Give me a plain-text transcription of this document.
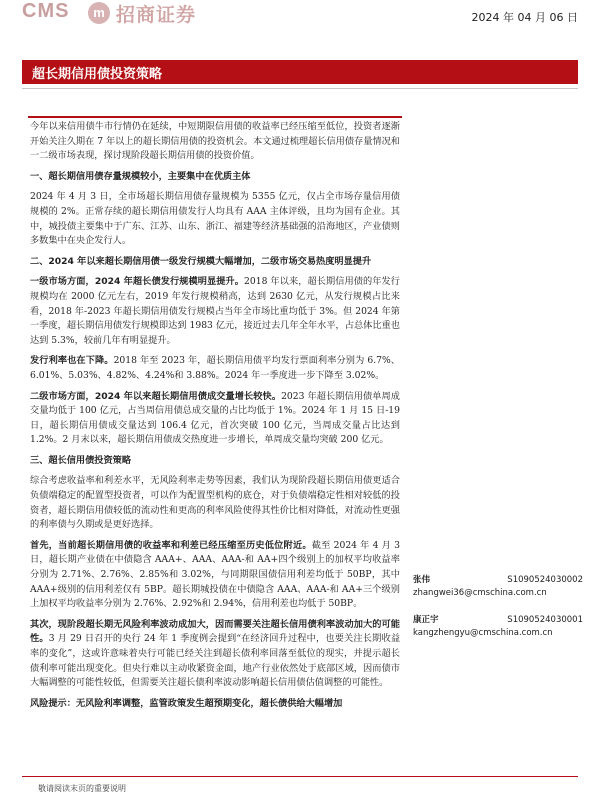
CMS	m 招商证券	2024 年 04 月 06 日
超长期信用债投资策略

今年以来信用债牛市行情仍在延续，中短期限信用债的收益率已经压缩至低位，投资者逐渐开始关注久期在 7 年以上的超长期信用债的投资机会。本文通过梳理超长信用债存量情况和一二级市场表现，探讨现阶段超长期信用债的投资价值。

一、超长期信用债存量规模较小，主要集中在优质主体

2024 年 4 月 3 日，全市场超长期信用债存量规模为 5355 亿元，仅占全市场存量信用债规模的 2%。正常存续的超长期信用债发行人均具有 AAA 主体评级，且均为国有企业。其中，城投债主要集中于广东、江苏、山东、浙江、福建等经济基础强的沿海地区，产业债则多数集中在央企发行人。

二、2024 年以来超长期信用债一级发行规模大幅增加，二级市场交易热度明显提升

一级市场方面，2024 年超长债发行规模明显提升。2018 年以来，超长期信用债的年发行规模均在 2000 亿元左右，2019 年发行规模稍高，达到 2630 亿元，从发行规模占比来看，2018 年-2023 年超长期信用债发行规模占当年全市场比重均低于 3%。但 2024 年第一季度，超长期信用债发行规模即达到 1983 亿元，接近过去几年全年水平，占总体比重也达到 5.3%，较前几年有明显提升。

发行利率也在下降。2018 年至 2023 年，超长期信用债平均发行票面利率分别为 6.7%、6.01%、5.03%、4.82%、4.24%和 3.88%。2024 年一季度进一步下降至 3.02%。

二级市场方面，2024 年以来超长期信用债成交量增长较快。2023 年超长期信用债单周成交量均低于 100 亿元，占当周信用债总成交量的占比均低于 1%。2024 年 1 月 15 日-19 日，超长期信用债成交量达到 106.4 亿元，首次突破 100 亿元，当周成交量占比达到 1.2%。2 月末以来，超长期信用债成交热度进一步增长，单周成交量均突破 200 亿元。

三、超长信用债投资策略

综合考虑收益率和利差水平，无风险利率走势等因素，我们认为现阶段超长期信用债更适合负债端稳定的配置型投资者，可以作为配置型机构的底仓，对于负债端稳定性相对较低的投资者，超长期信用债较低的流动性和更高的利率风险使得其性价比相对降低，对流动性更强的利率债与久期或是更好选择。

首先，当前超长期信用债的收益率和利差已经压缩至历史低位附近。截至 2024 年 4 月 3 日，超长期产业债在中债隐含 AAA+、AAA、AAA-和 AA+四个级别上的加权平均收益率分别为 2.71%、2.76%、2.85%和 3.02%，与同期限国债信用利差均低于 50BP，其中 AAA+级别的信用利差仅有 5BP。超长期城投债在中债隐含 AAA、AAA-和 AA+三个级别上加权平均收益率分别为 2.76%、2.92%和 2.94%，信用利差也均低于 50BP。

其次，现阶段超长期无风险利率波动成加大，因而需要关注超长信用债利率波动加大的可能性。3 月 29 日召开的央行 24 年 1 季度例会提到“在经济回升过程中，也要关注长期收益率的变化”，这或许意味着央行可能已经关注到超长债利率回落至低位的现实，并提示超长债利率可能出现变化。但央行难以主动收紧资金面，地产行业依然处于底部区域，因而债市大幅调整的可能性较低，但需要关注超长债利率波动影响超长信用债估值调整的可能性。

风险提示：无风险利率调整，监管政策发生超预期变化，超长债供给大幅增加

张伟	S1090524030002
zhangwei36@cmschina.com.cn
康正宇	S1090524030001
kangzhengyu@cmschina.com.cn
敬请阅读末页的重要说明
